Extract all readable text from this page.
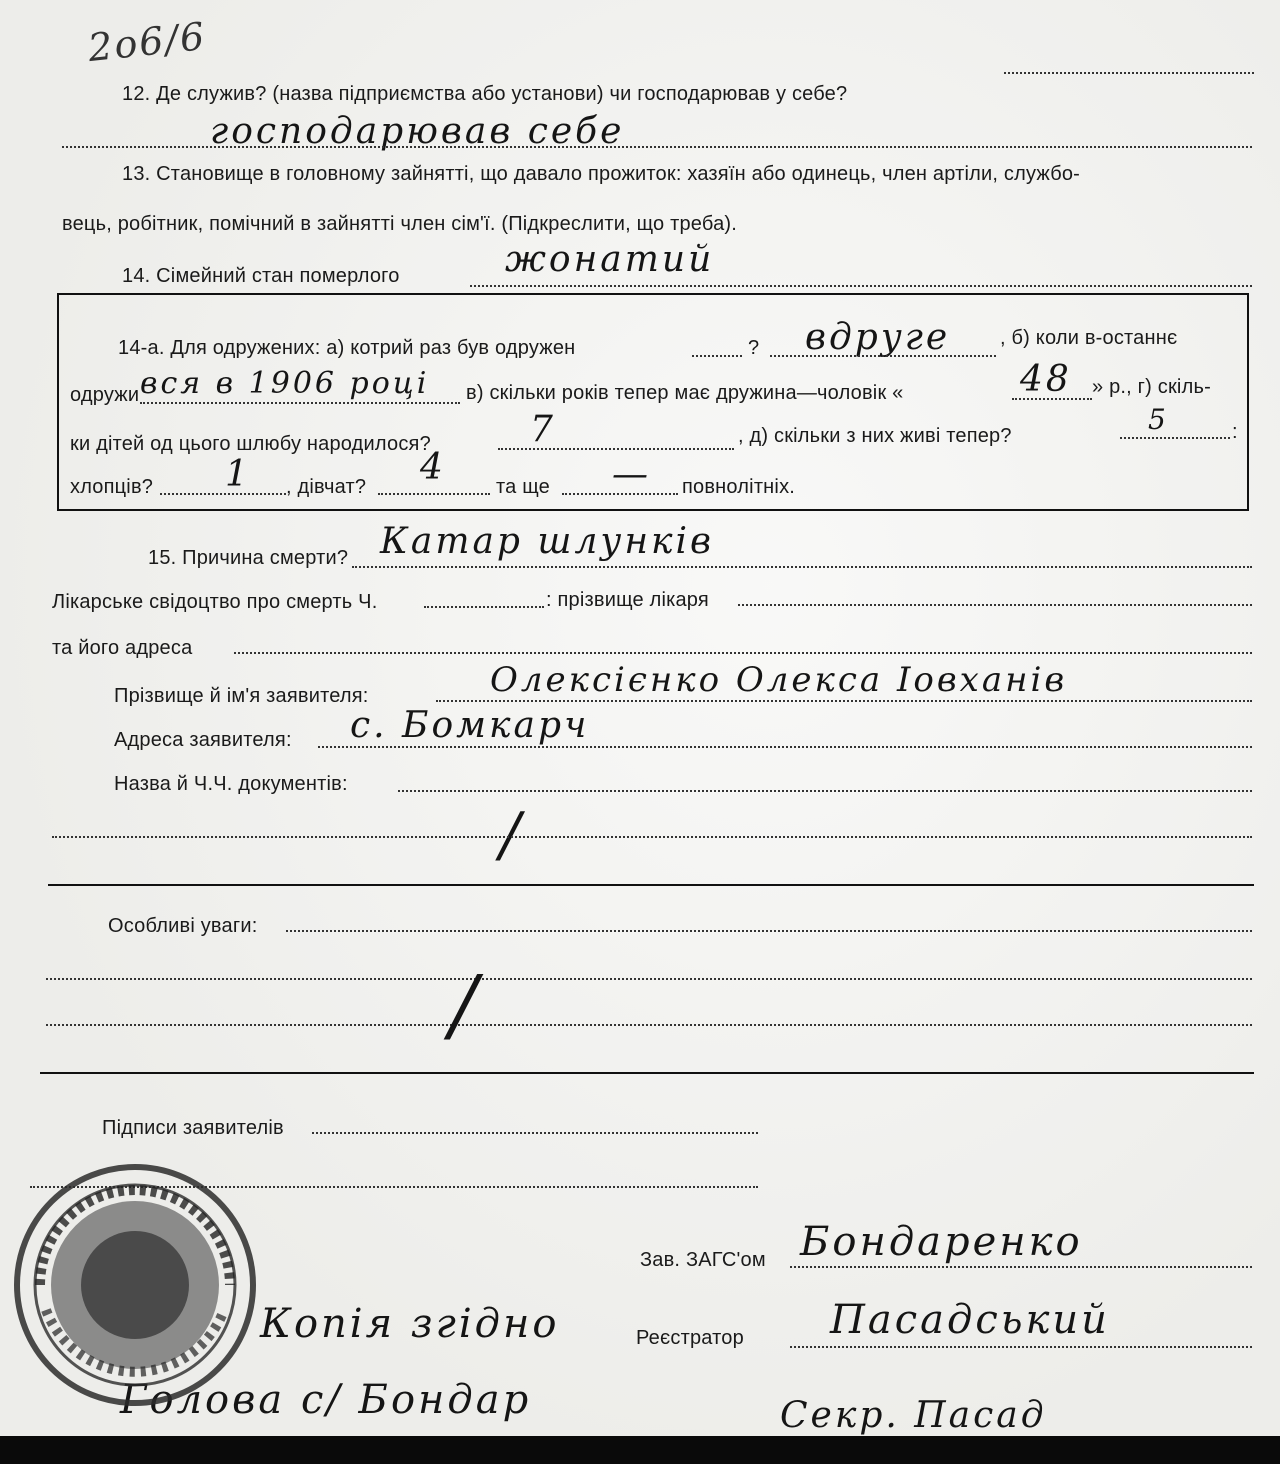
2о6/6
12. Де служив? (назва підприємства або установи) чи господарював у себе?
господарював себе
13. Становище в головному зайнятті, що давало прожиток: хазяїн або одинець, член артіли, службо-
вець, робітник, помічний в зайнятті член сім'ї. (Підкреслити, що треба).
14. Сімейний стан померлого	жонатий
14-а. Для одружених: а) котрий раз був одружен	? вдруге , б) коли в-останнє
одружи вся в 1906 році в) скільки років тепер має дружина—чоловік «	48 » р., г) скіль-
ки дітей од цього шлюбу народилося?	7	, д) скільки з них живі тепер?	5	:
хлопців? 1 , дівчат? 4	та ще — повнолітніх.
15. Причина смерти? Катар шлунків
Лікарське свідоцтво про смерть Ч.	: прізвище лікаря
та його адреса
Прізвище й ім'я заявителя:	Олексієнко Олекса Іовханів
Адреса заявителя: с. Бомкарч
Назва й Ч.Ч. документів:
/
Особливі уваги:
/
Підписи заявителів
Зав. ЗАГС'ом Бондаренко
Копія згідно	Реєстратор Пасадський
Голова с/ Бондар	Секр. Пасад
